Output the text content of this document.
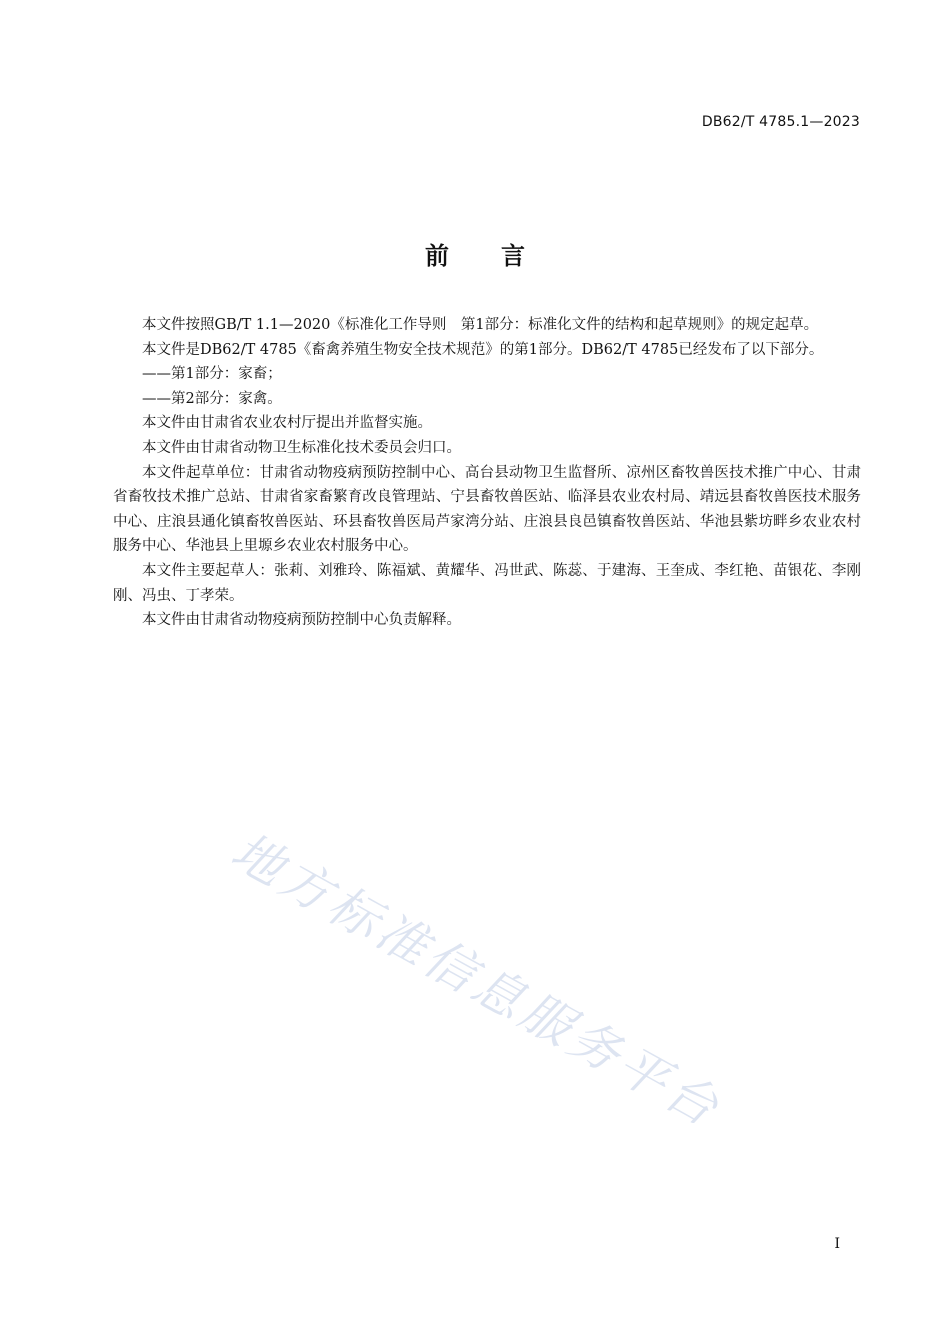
DB62/T 4785.1—2023
前言

本文件按照GB/T 1.1—2020《标准化工作导则　第1部分：标准化文件的结构和起草规则》的规定起草。

本文件是DB62/T 4785《畜禽养殖生物安全技术规范》的第1部分。DB62/T 4785已经发布了以下部分。

——第1部分：家畜；

——第2部分：家禽。

本文件由甘肃省农业农村厅提出并监督实施。

本文件由甘肃省动物卫生标准化技术委员会归口。

本文件起草单位：甘肃省动物疫病预防控制中心、高台县动物卫生监督所、凉州区畜牧兽医技术推广中心、甘肃省畜牧技术推广总站、甘肃省家畜繁育改良管理站、宁县畜牧兽医站、临泽县农业农村局、靖远县畜牧兽医技术服务中心、庄浪县通化镇畜牧兽医站、环县畜牧兽医局芦家湾分站、庄浪县良邑镇畜牧兽医站、华池县紫坊畔乡农业农村服务中心、华池县上里塬乡农业农村服务中心。

本文件主要起草人：张莉、刘雅玲、陈福斌、黄耀华、冯世武、陈蕊、于建海、王奎成、李红艳、苗银花、李刚刚、冯虫、丁孝荣。

本文件由甘肃省动物疫病预防控制中心负责解释。

地方标准信息服务平台
I
